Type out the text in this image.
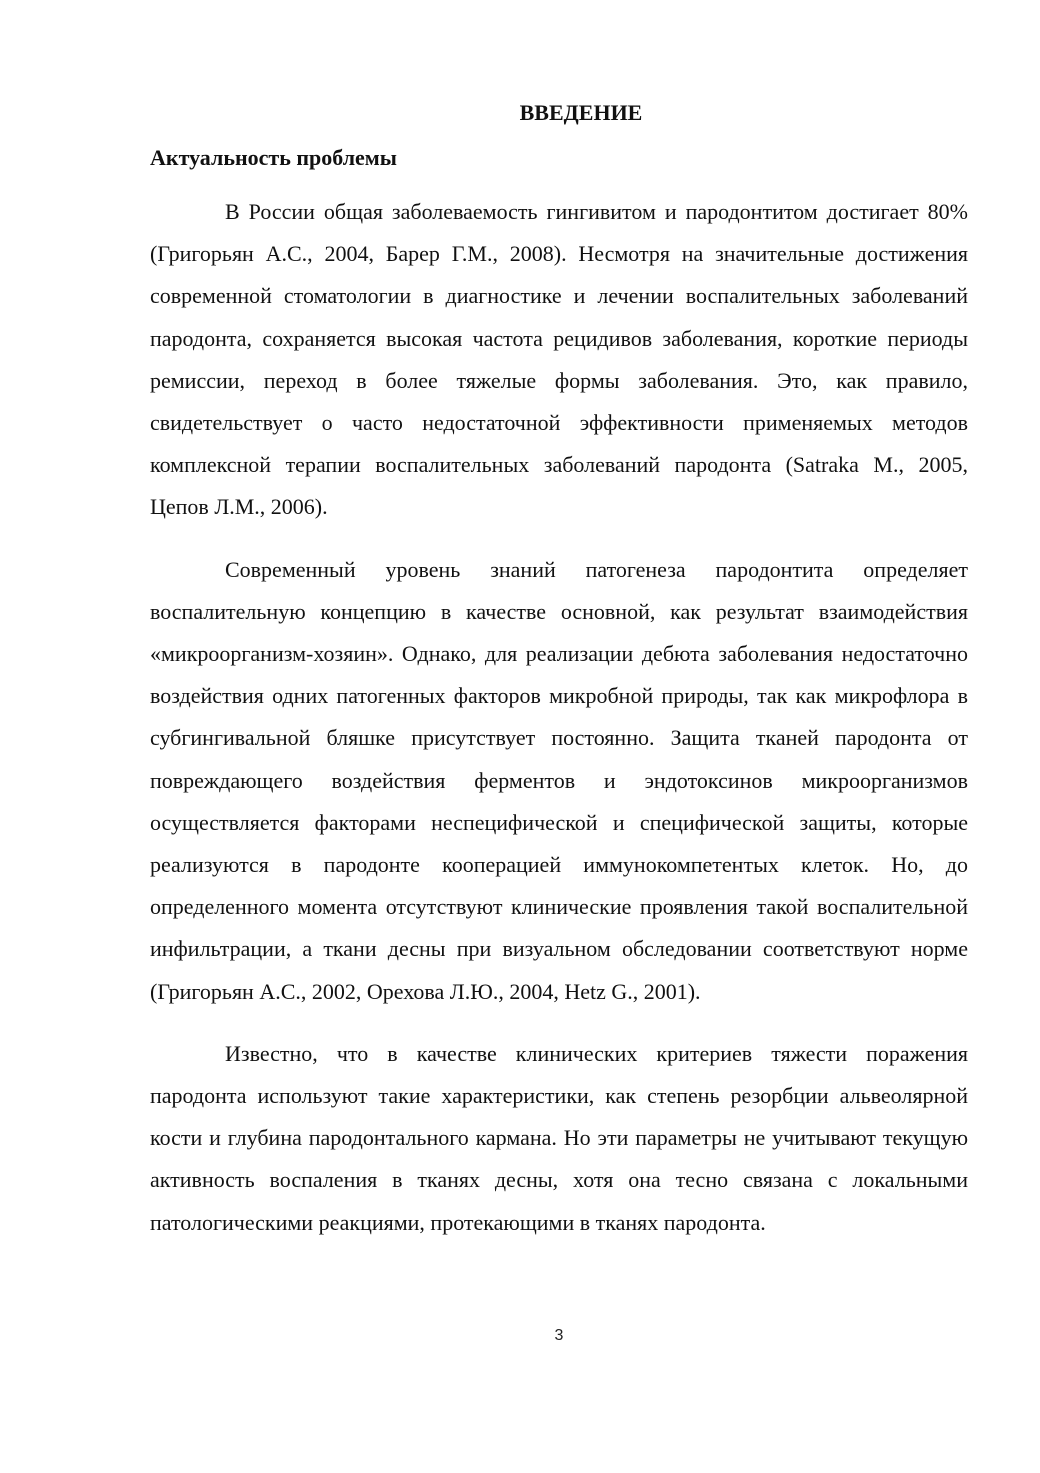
ВВЕДЕНИЕ
Актуальность проблемы

В России общая заболеваемость гингивитом и пародонтитом достигает 80% (Григорьян А.С., 2004, Барер Г.М., 2008). Несмотря на значительные достижения современной стоматологии в диагностике и лечении воспалительных заболеваний пародонта, сохраняется высокая частота рецидивов заболевания, короткие периоды ремиссии, переход в более тяжелые формы заболевания. Это, как правило, свидетельствует о часто недостаточной эффективности применяемых методов комплексной терапии воспалительных заболеваний пародонта (Satraka M., 2005, Цепов Л.М., 2006).

Современный уровень знаний патогенеза пародонтита определяет воспалительную концепцию в качестве основной, как результат взаимодействия «микроорганизм-хозяин». Однако, для реализации дебюта заболевания недостаточно воздействия одних патогенных факторов микробной природы, так как микрофлора в субгингивальной бляшке присутствует постоянно. Защита тканей пародонта от повреждающего воздействия ферментов и эндотоксинов микроорганизмов осуществляется факторами неспецифической и специфической защиты, которые реализуются в пародонте кооперацией иммунокомпетентых клеток. Но, до определенного момента отсутствуют клинические проявления такой воспалительной инфильтрации, а ткани десны при визуальном обследовании соответствуют норме (Григорьян А.С., 2002, Орехова Л.Ю., 2004, Hetz G., 2001).

Известно, что в качестве клинических критериев тяжести поражения пародонта используют такие характеристики, как степень резорбции альвеолярной кости и глубина пародонтального кармана. Но эти параметры не учитывают текущую активность воспаления в тканях десны, хотя она тесно связана с локальными патологическими реакциями, протекающими в тканях пародонта.

3
